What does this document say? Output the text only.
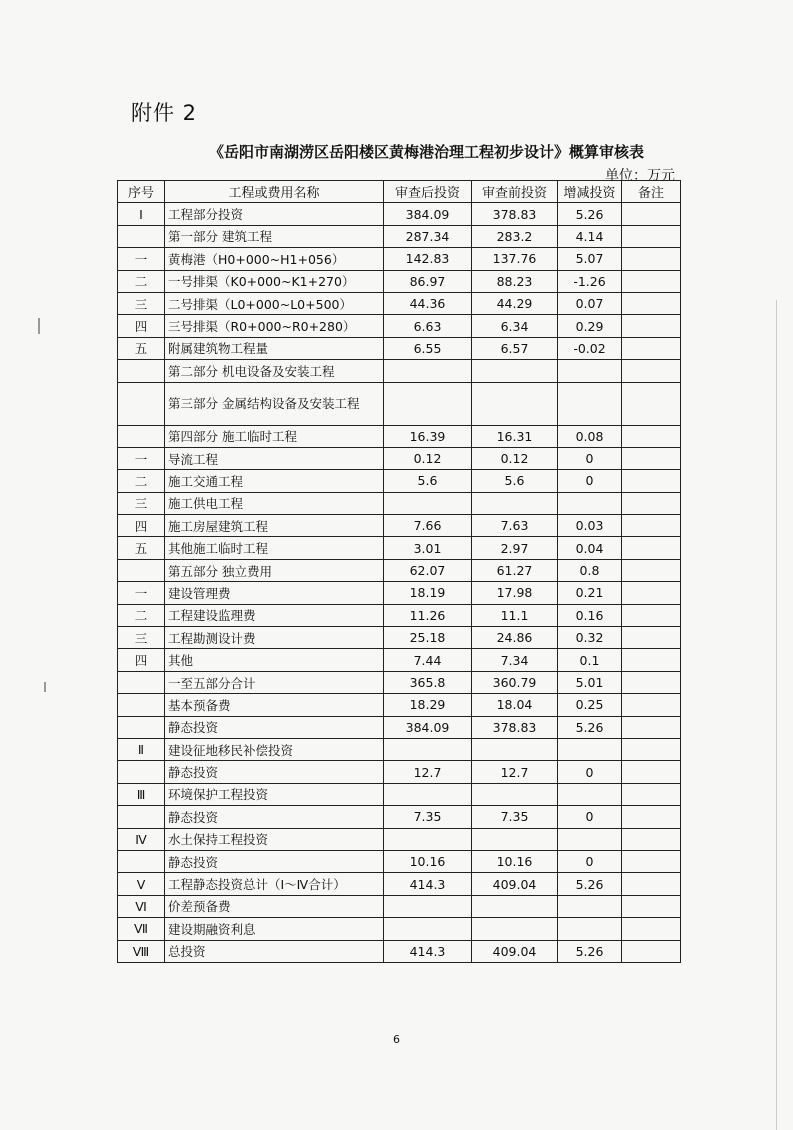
附件 2
《岳阳市南湖涝区岳阳楼区黄梅港治理工程初步设计》概算审核表
单位：万元
序号	工程或费用名称	审查后投资	审查前投资	增减投资	备注
Ⅰ	工程部分投资	384.09	378.83	5.26	
	第一部分 建筑工程	287.34	283.2	4.14	
一	黄梅港（H0+000~H1+056）	142.83	137.76	5.07	
二	一号排渠（K0+000~K1+270）	86.97	88.23	-1.26	
三	二号排渠（L0+000~L0+500）	44.36	44.29	0.07	
四	三号排渠（R0+000~R0+280）	6.63	6.34	0.29	
五	附属建筑物工程量	6.55	6.57	-0.02	
	第二部分 机电设备及安装工程				
	第三部分 金属结构设备及安装工程				
	第四部分 施工临时工程	16.39	16.31	0.08	
一	导流工程	0.12	0.12	0	
二	施工交通工程	5.6	5.6	0	
三	施工供电工程				
四	施工房屋建筑工程	7.66	7.63	0.03	
五	其他施工临时工程	3.01	2.97	0.04	
	第五部分 独立费用	62.07	61.27	0.8	
一	建设管理费	18.19	17.98	0.21	
二	工程建设监理费	11.26	11.1	0.16	
三	工程勘测设计费	25.18	24.86	0.32	
四	其他	7.44	7.34	0.1	
	一至五部分合计	365.8	360.79	5.01	
	基本预备费	18.29	18.04	0.25	
	静态投资	384.09	378.83	5.26	
Ⅱ	建设征地移民补偿投资				
	静态投资	12.7	12.7	0	
Ⅲ	环境保护工程投资				
	静态投资	7.35	7.35	0	
Ⅳ	水土保持工程投资				
	静态投资	10.16	10.16	0	
Ⅴ	工程静态投资总计（Ⅰ～Ⅳ合计）	414.3	409.04	5.26	
Ⅵ	价差预备费				
Ⅶ	建设期融资利息				
Ⅷ	总投资	414.3	409.04	5.26	
6
